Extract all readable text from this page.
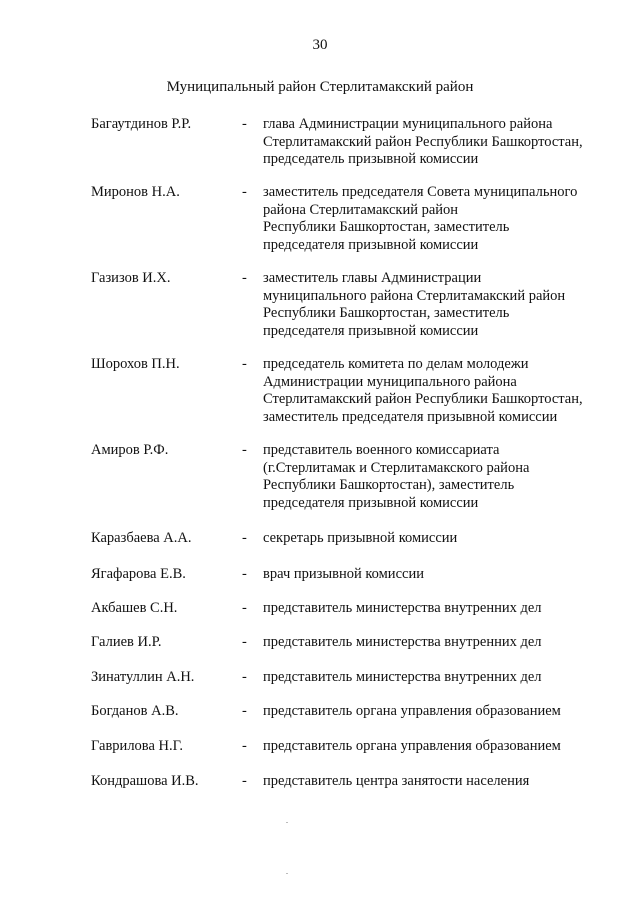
30
Муниципальный район Стерлитамакский район
Багаутдинов Р.Р.	- глава Администрации муниципального района
Стерлитамакский район Республики Башкортостан,
председатель призывной комиссии
Миронов Н.А.	- заместитель председателя Совета муниципального
района Стерлитамакский район
Республики Башкортостан, заместитель
председателя призывной комиссии
Газизов И.Х.	- заместитель главы Администрации
муниципального района Стерлитамакский район
Республики Башкортостан, заместитель
председателя призывной комиссии
Шорохов П.Н.	- председатель комитета по делам молодежи
Администрации муниципального района
Стерлитамакский район Республики Башкортостан,
заместитель председателя призывной комиссии
Амиров Р.Ф.	- представитель военного комиссариата
(г.Стерлитамак и Стерлитамакского района
Республики Башкортостан), заместитель
председателя призывной комиссии
Каразбаева А.А.	- секретарь призывной комиссии
Ягафарова Е.В.	- врач призывной комиссии
Акбашев С.Н.	- представитель министерства внутренних дел
Галиев И.Р.	- представитель министерства внутренних дел
Зинатуллин А.Н.	- представитель министерства внутренних дел
Богданов А.В.	- представитель органа управления образованием
Гаврилова Н.Г.	- представитель органа управления образованием
Кондрашова И.В.	- представитель центра занятости населения
